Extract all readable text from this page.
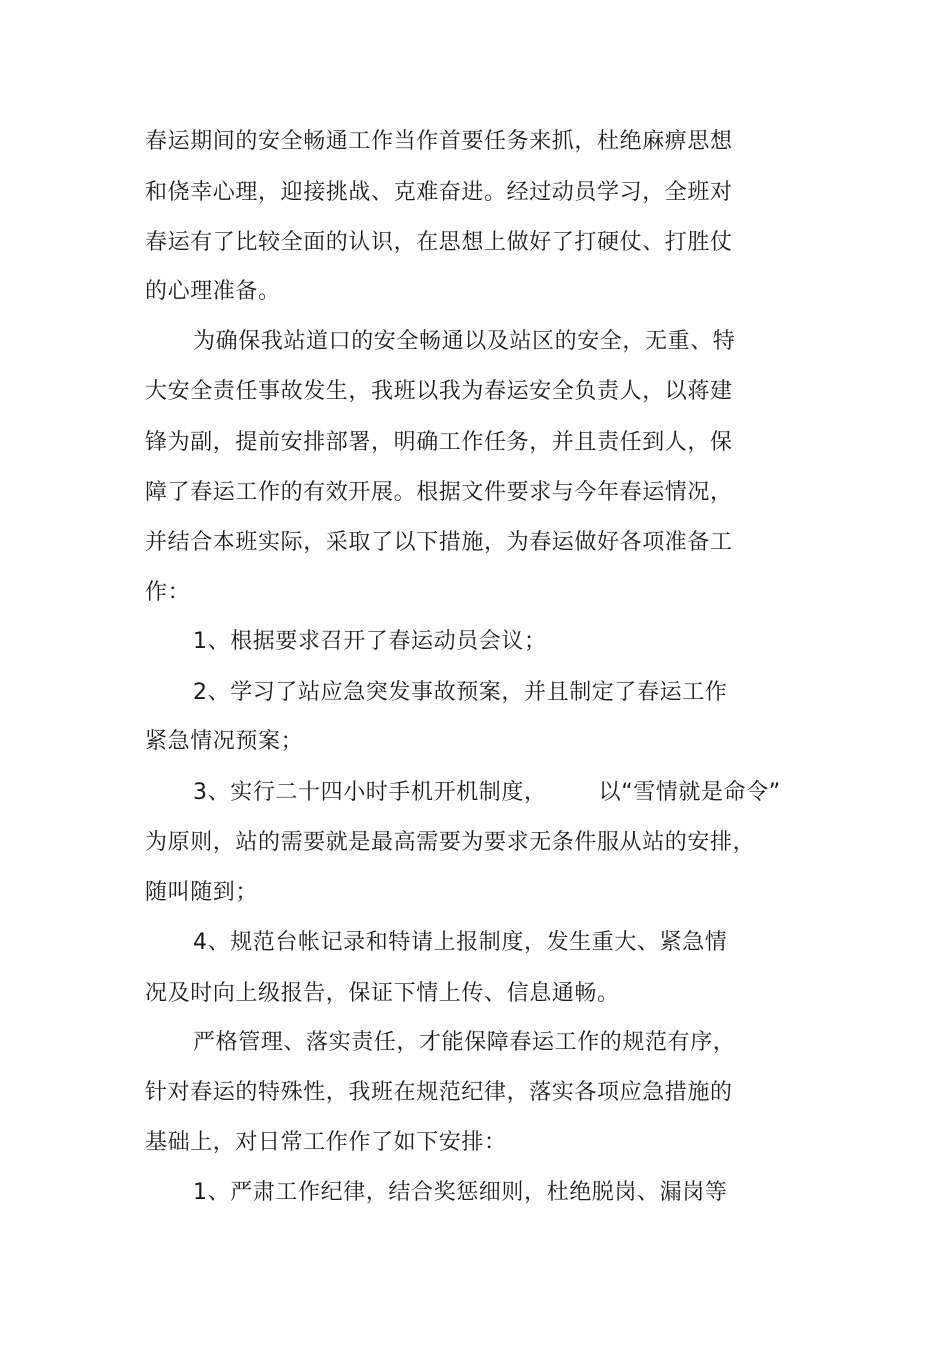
春运期间的安全畅通工作当作首要任务来抓，杜绝麻痹思想
和侥幸心理，迎接挑战、克难奋进。经过动员学习，全班对
春运有了比较全面的认识，在思想上做好了打硬仗、打胜仗
的心理准备。
为确保我站道口的安全畅通以及站区的安全，无重、特
大安全责任事故发生，我班以我为春运安全负责人，以蒋建
锋为副，提前安排部署，明确工作任务，并且责任到人，保
障了春运工作的有效开展。根据文件要求与今年春运情况，
并结合本班实际，采取了以下措施，为春运做好各项准备工
作：
1、根据要求召开了春运动员会议；
2、学习了站应急突发事故预案，并且制定了春运工作
紧急情况预案；
3、实行二十四小时手机开机制度， 以“雪情就是命令”
为原则，站的需要就是最高需要为要求无条件服从站的安排，
随叫随到；
4、规范台帐记录和特请上报制度，发生重大、紧急情
况及时向上级报告，保证下情上传、信息通畅。
严格管理、落实责任，才能保障春运工作的规范有序，
针对春运的特殊性，我班在规范纪律，落实各项应急措施的
基础上，对日常工作作了如下安排：
1、严肃工作纪律，结合奖惩细则，杜绝脱岗、漏岗等
